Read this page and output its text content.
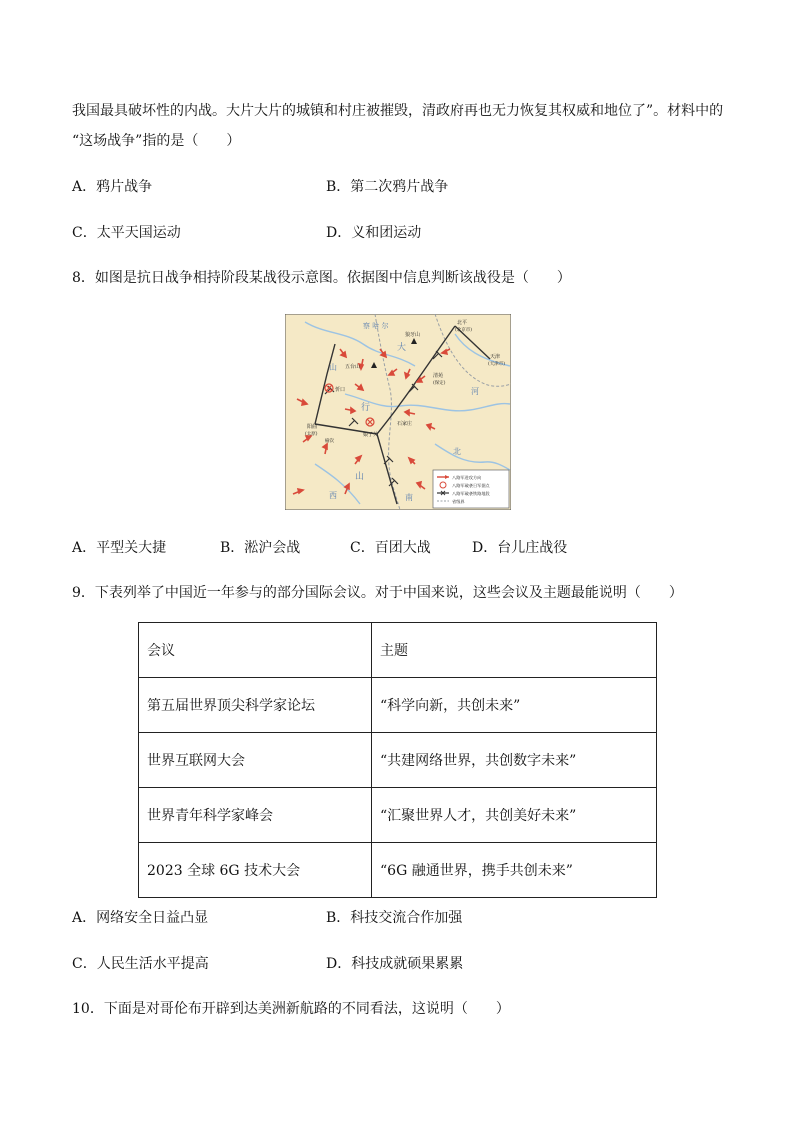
我国最具破坏性的内战。大片大片的城镇和村庄被摧毁，清政府再也无力恢复其权威和地位了”。材料中的
“这场战争”指的是（　　）
A．鸦片战争	B．第二次鸦片战争
C．太平天国运动	D．义和团运动
8．如图是抗日战争相持阶段某战役示意图。依据图中信息判断该战役是（　　）
察 哈 尔	北平
(北京市)
天津
(天津市)
五台山
狼牙山
清苑
(保定)
忻口
阳曲
(太原)
榆次
娘子关
石家庄
大
行
山
北
河
山
西	南
八路军进攻方向
八路军破袭日军据点
八路军破袭铁路地段
省级界
A．平型关大捷	B．淞沪会战	C．百团大战	D．台儿庄战役
9．下表列举了中国近一年参与的部分国际会议。对于中国来说，这些会议及主题最能说明（　　）
会议	主题
第五届世界顶尖科学家论坛	“科学向新，共创未来”
世界互联网大会	“共建网络世界，共创数字未来”
世界青年科学家峰会	“汇聚世界人才，共创美好未来”
2023 全球 6G 技术大会	“6G 融通世界，携手共创未来”
A．网络安全日益凸显	B．科技交流合作加强
C．人民生活水平提高	D．科技成就硕果累累
10．下面是对哥伦布开辟到达美洲新航路的不同看法，这说明（　　）
